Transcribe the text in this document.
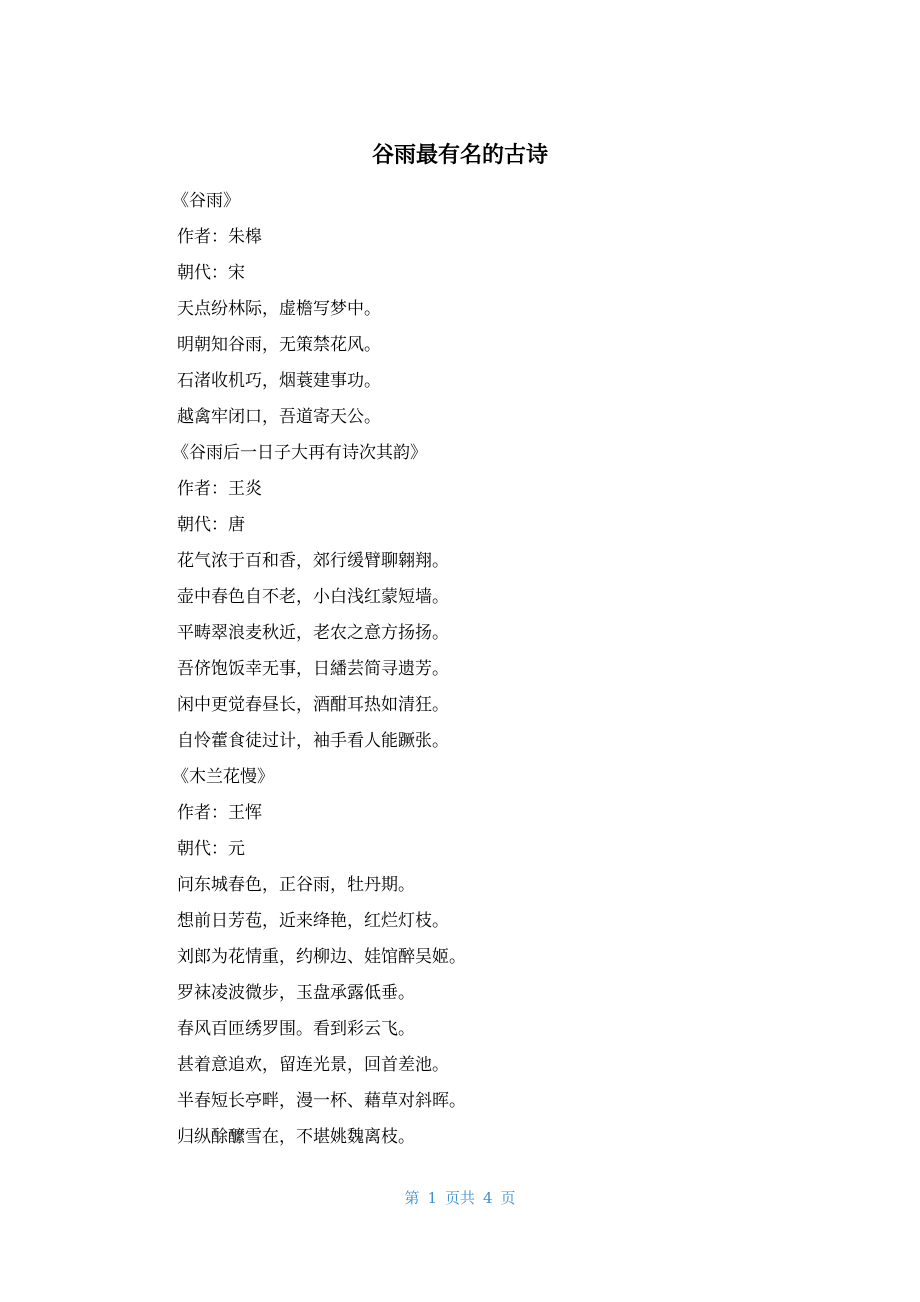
谷雨最有名的古诗
《谷雨》
作者：朱槔
朝代：宋
天点纷林际，虚檐写梦中。
明朝知谷雨，无策禁花风。
石渚收机巧，烟蓑建事功。
越禽牢闭口，吾道寄天公。
《谷雨后一日子大再有诗次其韵》
作者：王炎
朝代：唐
花气浓于百和香，郊行缓臂聊翱翔。
壶中春色自不老，小白浅红蒙短墙。
平畴翠浪麦秋近，老农之意方扬扬。
吾侪饱饭幸无事，日繙芸简寻遗芳。
闲中更觉春昼长，酒酣耳热如清狂。
自怜藿食徒过计，袖手看人能蹶张。
《木兰花慢》
作者：王恽
朝代：元
问东城春色，正谷雨，牡丹期。
想前日芳苞，近来绛艳，红烂灯枝。
刘郎为花情重，约柳边、娃馆醉吴姬。
罗袜凌波微步，玉盘承露低垂。
春风百匝绣罗围。看到彩云飞。
甚着意追欢，留连光景，回首差池。
半春短长亭畔，漫一杯、藉草对斜晖。
归纵酴醿雪在，不堪姚魏离枝。
第 1 页共 4 页
